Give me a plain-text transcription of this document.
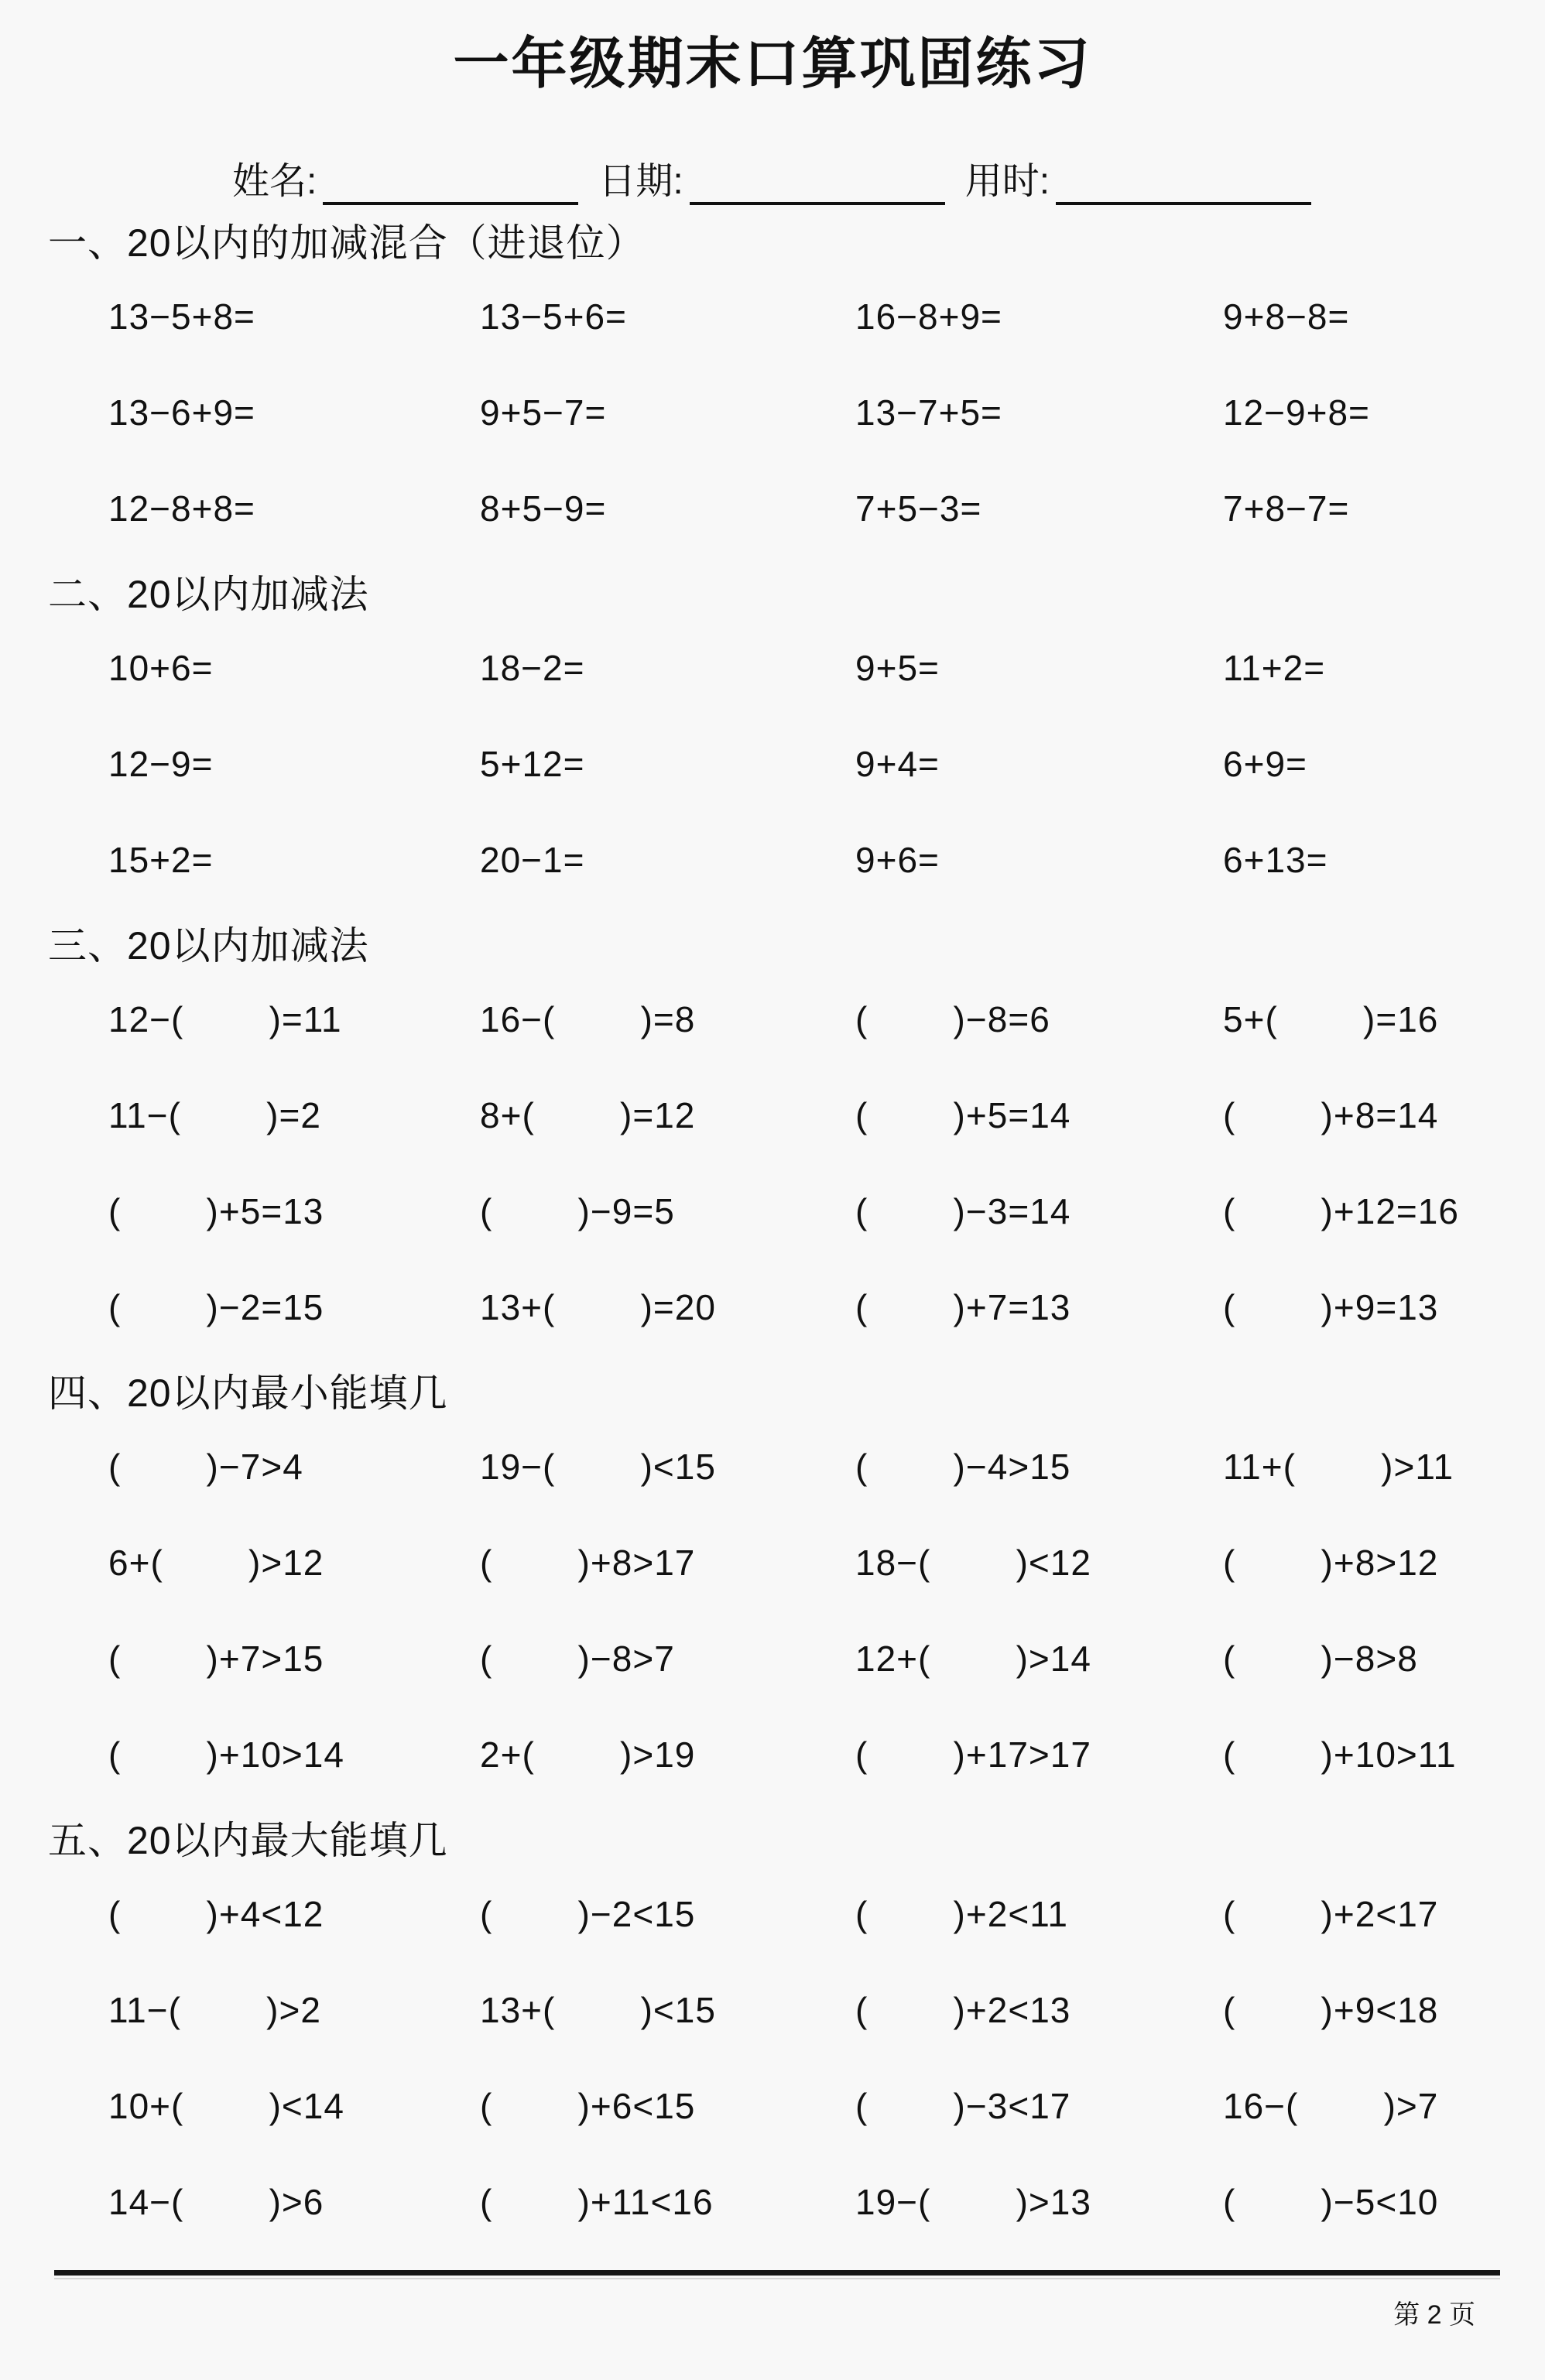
一年级期末口算巩固练习
姓名:	日期:	用时:
一、20以内的加减混合（进退位）
13−5+8=	13−5+6=	16−8+9=	9+8−8=
13−6+9=	9+5−7=	13−7+5=	12−9+8=
12−8+8=	8+5−9=	7+5−3=	7+8−7=
二、20以内加减法
10+6=	18−2=	9+5=	11+2=
12−9=	5+12=	9+4=	6+9=
15+2=	20−1=	9+6=	6+13=
三、20以内加减法
12−(        )=11	16−(        )=8	(        )−8=6	5+(        )=16
11−(        )=2	8+(        )=12	(        )+5=14	(        )+8=14
(        )+5=13	(        )−9=5	(        )−3=14	(        )+12=16
(        )−2=15	13+(        )=20	(        )+7=13	(        )+9=13
四、20以内最小能填几
(        )−7>4	19−(        )<15	(        )−4>15	11+(        )>11
6+(        )>12	(        )+8>17	18−(        )<12	(        )+8>12
(        )+7>15	(        )−8>7	12+(        )>14	(        )−8>8
(        )+10>14	2+(        )>19	(        )+17>17	(        )+10>11
五、20以内最大能填几
(        )+4<12	(        )−2<15	(        )+2<11	(        )+2<17
11−(        )>2	13+(        )<15	(        )+2<13	(        )+9<18
10+(        )<14	(        )+6<15	(        )−3<17	16−(        )>7
14−(        )>6	(        )+11<16	19−(        )>13	(        )−5<10
第 2 页
